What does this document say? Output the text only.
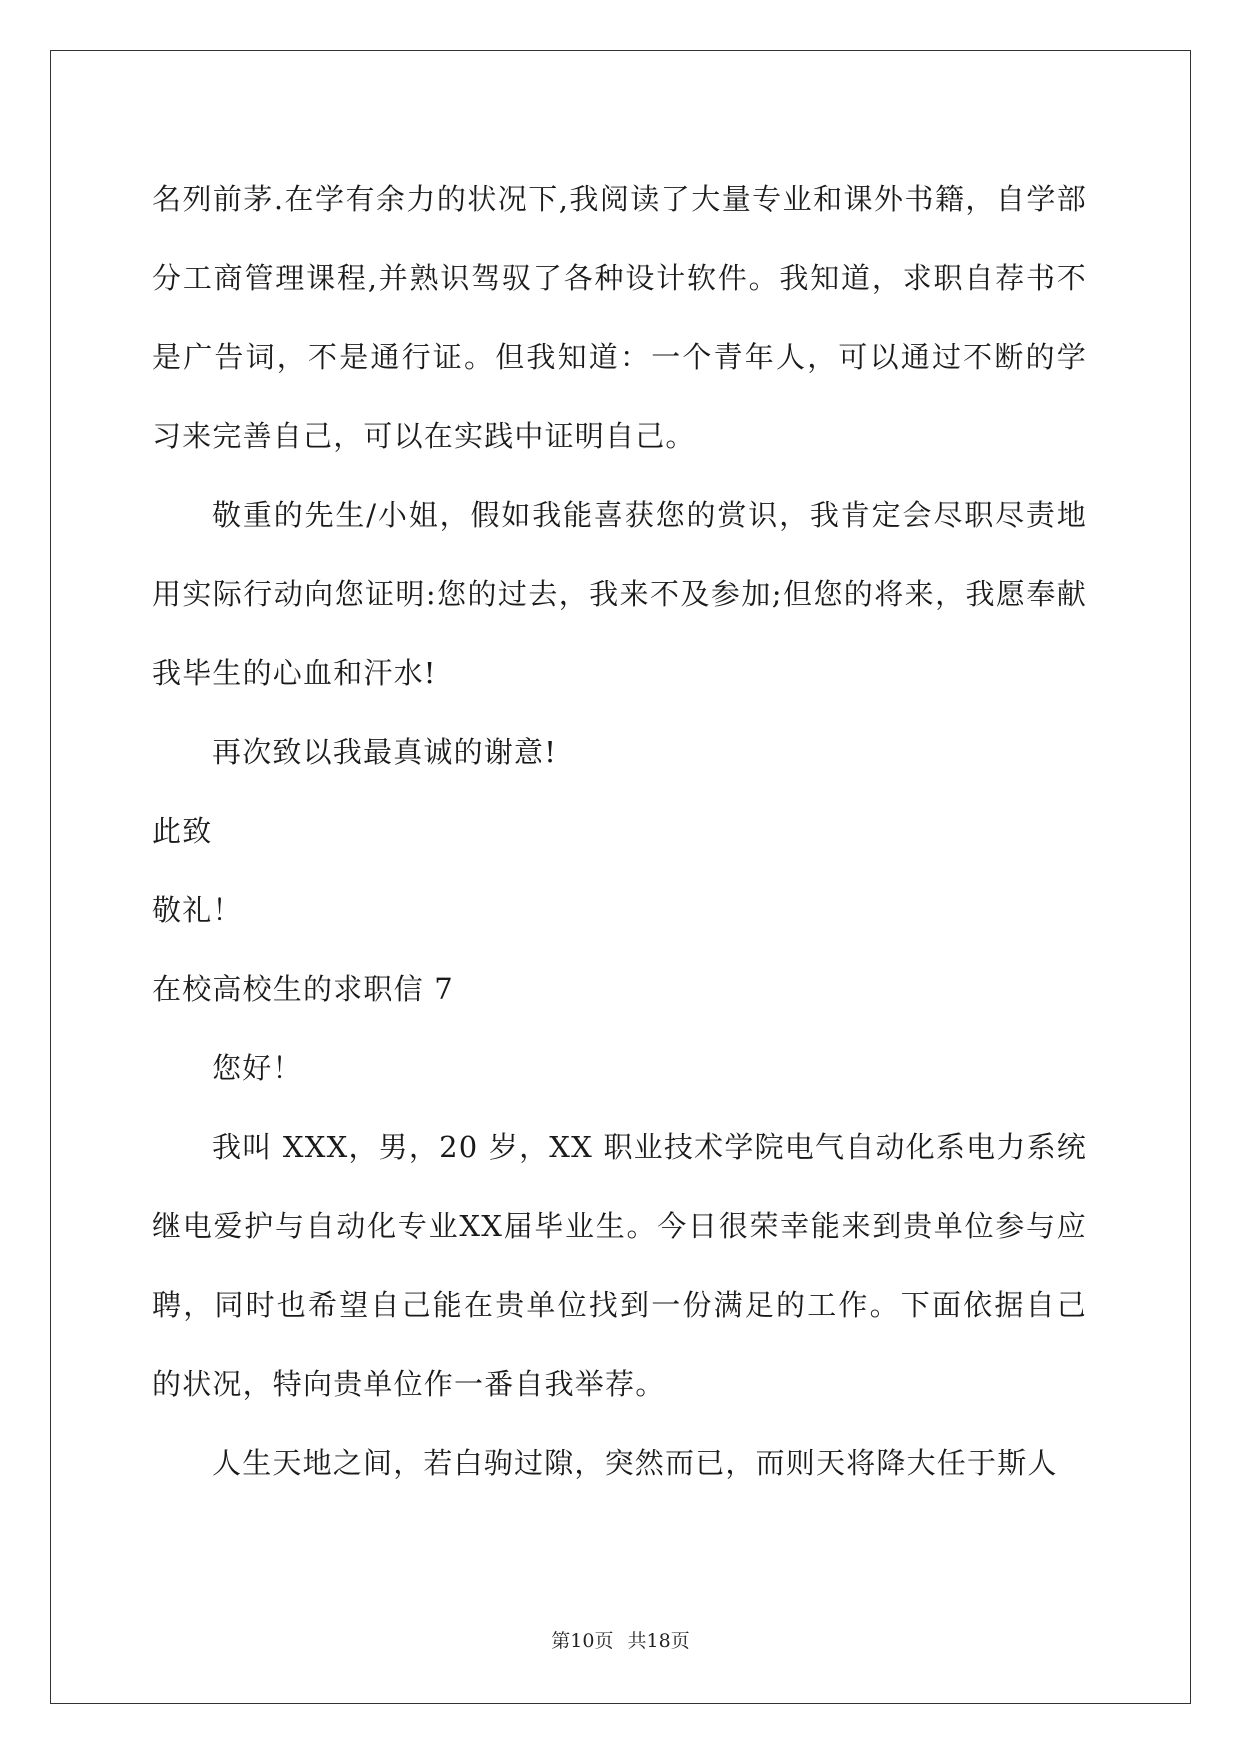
名列前茅.在学有余力的状况下,我阅读了大量专业和课外书籍，自学部分工商管理课程,并熟识驾驭了各种设计软件。我知道，求职自荐书不是广告词，不是通行证。但我知道：一个青年人，可以通过不断的学习来完善自己，可以在实践中证明自己。

敬重的先生/小姐，假如我能喜获您的赏识，我肯定会尽职尽责地用实际行动向您证明:您的过去，我来不及参加;但您的将来，我愿奉献我毕生的心血和汗水!

再次致以我最真诚的谢意!

此致

敬礼！

在校高校生的求职信 7

您好！

我叫 XXX，男，20 岁，XX 职业技术学院电气自动化系电力系统继电爱护与自动化专业XX届毕业生。今日很荣幸能来到贵单位参与应聘，同时也希望自己能在贵单位找到一份满足的工作。下面依据自己的状况，特向贵单位作一番自我举荐。

人生天地之间，若白驹过隙，突然而已，而则天将降大任于斯人

第10页 共18页
